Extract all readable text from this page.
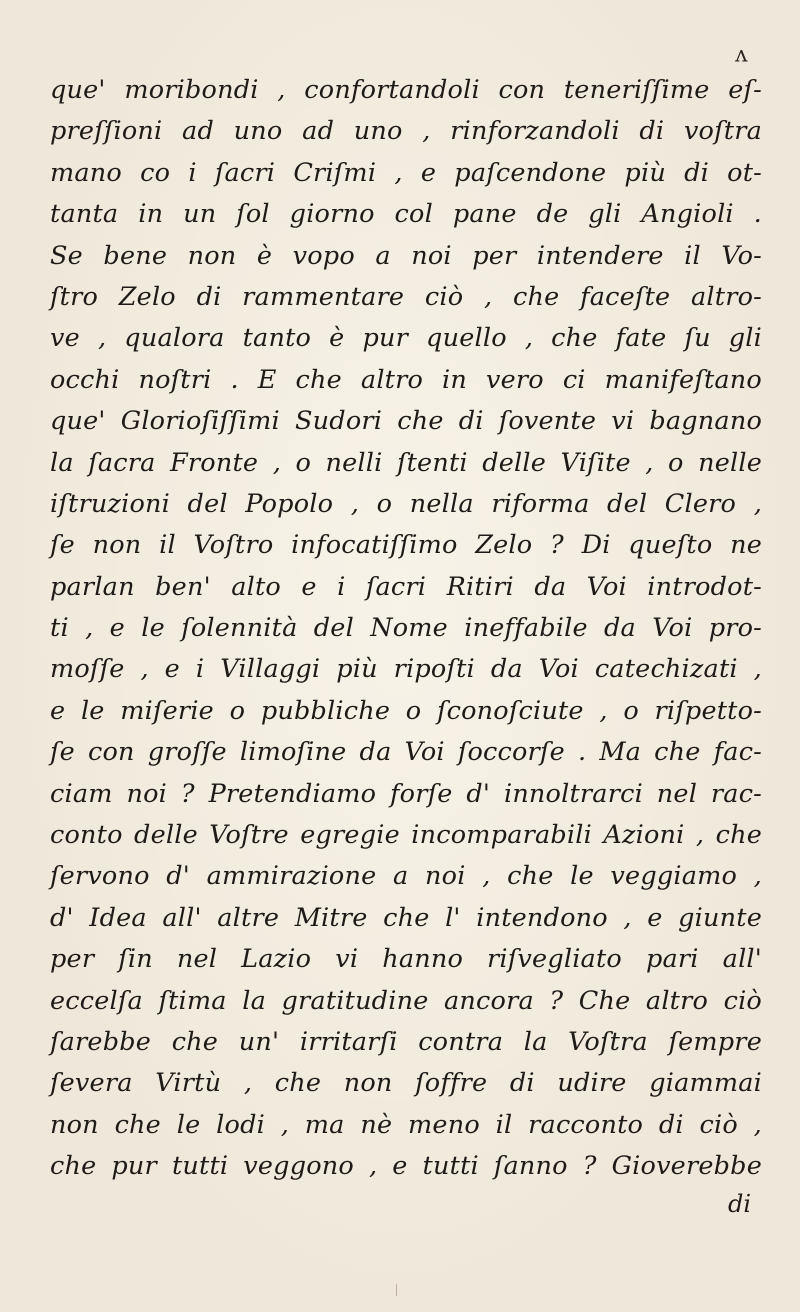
v
que' moribondi , confortandoli con teneriſſime eſ-
preſſioni ad uno ad uno , rinforzandoli di voſtra
mano co i ſacri Criſmi , e paſcendone più di ot-
tanta in un ſol giorno col pane de gli Angioli .
Se bene non è vopo a noi per intendere il Vo-
ſtro Zelo di rammentare ciò , che faceſte altro-
ve , qualora tanto è pur quello , che fate ſu gli
occhi noſtri . E che altro in vero ci manifeſtano
que' Glorioſiſſimi Sudori che di ſovente vi bagnano
la ſacra Fronte , o nelli ſtenti delle Viſite , o nelle
iſtruzioni del Popolo , o nella riforma del Clero ,
ſe non il Voſtro infocatiſſimo Zelo ? Di queſto ne
parlan ben' alto e i ſacri Ritiri da Voi introdot-
ti , e le ſolennità del Nome ineffabile da Voi pro-
moſſe , e i Villaggi più ripoſti da Voi catechizati ,
e le miſerie o pubbliche o ſconoſciute , o riſpetto-
ſe con groſſe limoſine da Voi ſoccorſe . Ma che fac-
ciam noi ? Pretendiamo forſe d' innoltrarci nel rac-
conto delle Voſtre egregie incomparabili Azioni , che
ſervono d' ammirazione a noi , che le veggiamo ,
d' Idea all' altre Mitre che l' intendono , e giunte
per ſin nel Lazio vi hanno riſvegliato pari all'
eccelſa ſtima la gratitudine ancora ? Che altro ciò
ſarebbe che un' irritarſi contra la Voſtra ſempre
ſevera Virtù , che non ſoffre di udire giammai
non che le lodi , ma nè meno il racconto di ciò ,
che pur tutti veggono , e tutti ſanno ? Gioverebbe
di
